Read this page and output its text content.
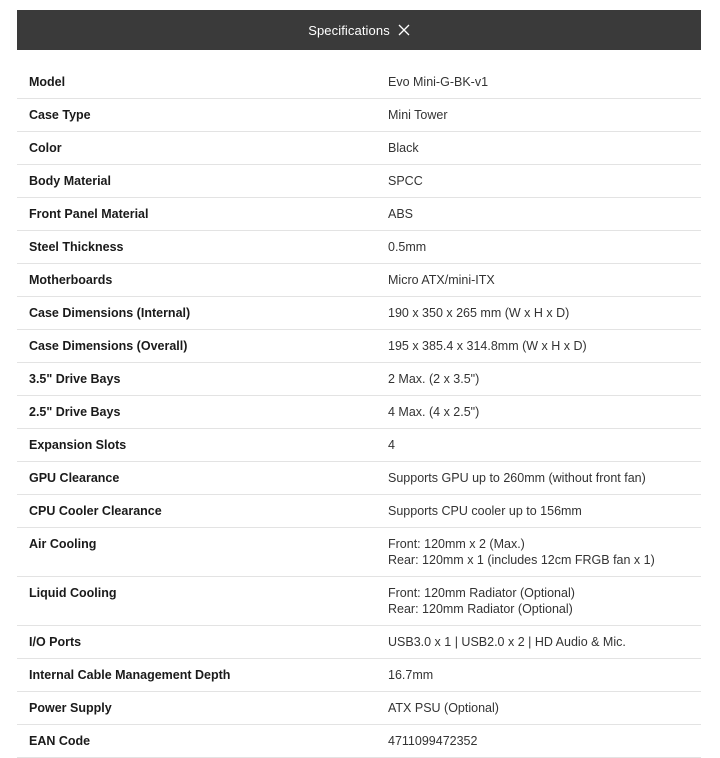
Specifications
Model	Evo Mini-G-BK-v1

Case Type	Mini Tower

Color	Black

Body Material	SPCC

Front Panel Material	ABS

Steel Thickness	0.5mm

Motherboards	Micro ATX/mini-ITX

Case Dimensions (Internal)	190 x 350 x 265 mm (W x H x D)

Case Dimensions (Overall)	195 x 385.4 x 314.8mm (W x H x D)

3.5" Drive Bays	2 Max. (2 x 3.5")

2.5" Drive Bays	4 Max. (4 x 2.5")

Expansion Slots	4

GPU Clearance	Supports GPU up to 260mm (without front fan)

CPU Cooler Clearance	Supports CPU cooler up to 156mm

Air Cooling	Front: 120mm x 2 (Max.)
Rear: 120mm x 1 (includes 12cm FRGB fan x 1)

Liquid Cooling	Front: 120mm Radiator (Optional)
Rear: 120mm Radiator (Optional)

I/O Ports	USB3.0 x 1 | USB2.0 x 2 | HD Audio & Mic.

Internal Cable Management Depth	16.7mm

Power Supply	ATX PSU (Optional)

EAN Code	4711099472352
